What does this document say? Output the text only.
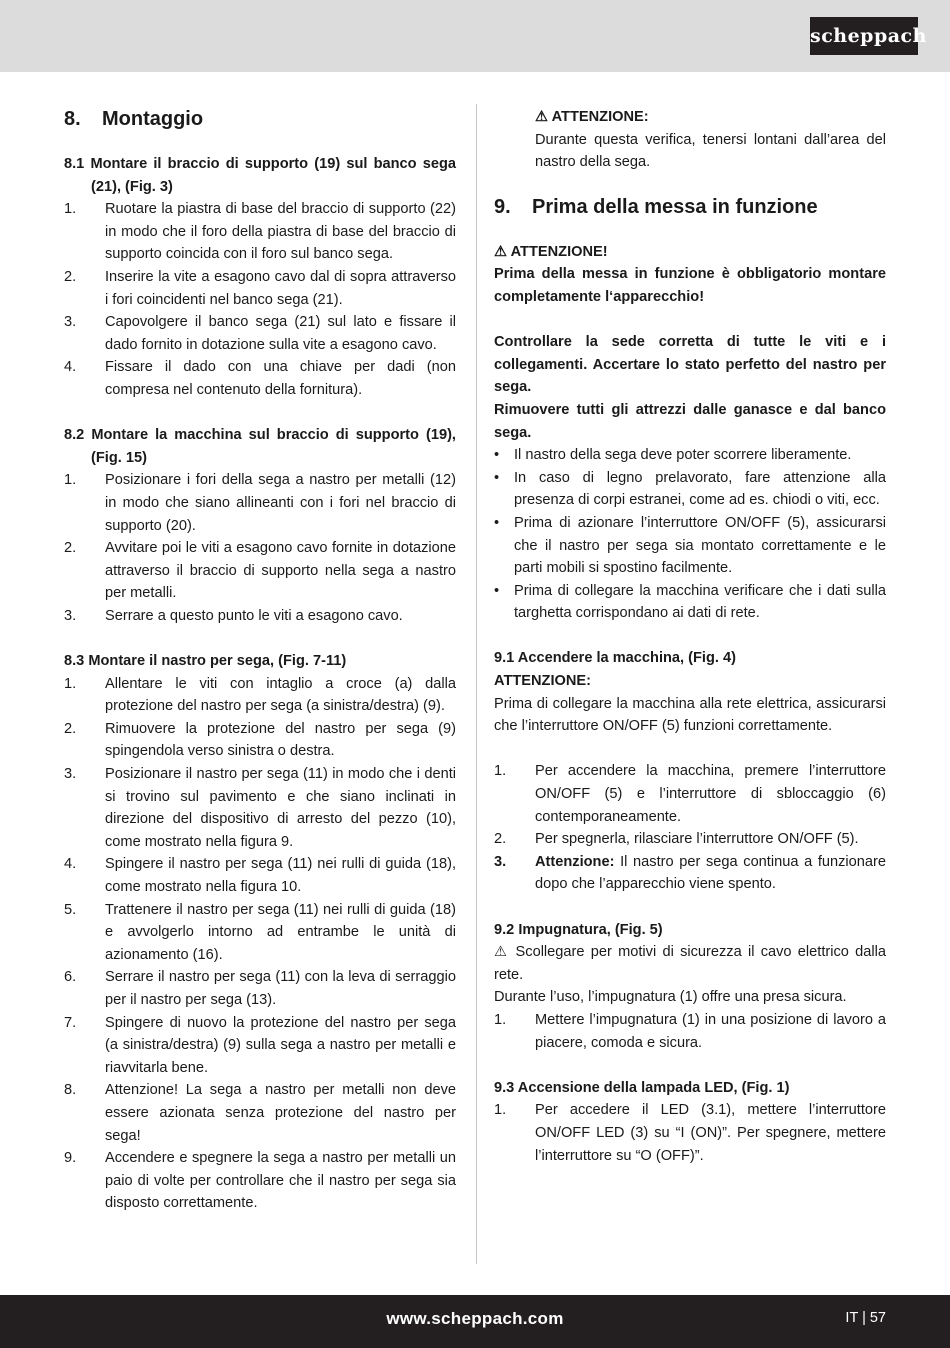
scheppach
8. Montaggio
8.1 Montare il braccio di supporto (19) sul banco sega (21), (Fig. 3)
1. Ruotare la piastra di base del braccio di supporto (22) in modo che il foro della piastra di base del braccio di supporto coincida con il foro sul banco sega.
2. Inserire la vite a esagono cavo dal di sopra attraverso i fori coincidenti nel banco sega (21).
3. Capovolgere il banco sega (21) sul lato e fissare il dado fornito in dotazione sulla vite a esagono cavo.
4. Fissare il dado con una chiave per dadi (non compresa nel contenuto della fornitura).
8.2 Montare la macchina sul braccio di supporto (19), (Fig. 15)
1. Posizionare i fori della sega a nastro per metalli (12) in modo che siano allineanti con i fori nel braccio di supporto (20).
2. Avvitare poi le viti a esagono cavo fornite in dotazione attraverso il braccio di supporto nella sega a nastro per metalli.
3. Serrare a questo punto le viti a esagono cavo.
8.3 Montare il nastro per sega, (Fig. 7-11)
1. Allentare le viti con intaglio a croce (a) dalla protezione del nastro per sega (a sinistra/destra) (9).
2. Rimuovere la protezione del nastro per sega (9) spingendola verso sinistra o destra.
3. Posizionare il nastro per sega (11) in modo che i denti si trovino sul pavimento e che siano inclinati in direzione del dispositivo di arresto del pezzo (10), come mostrato nella figura 9.
4. Spingere il nastro per sega (11) nei rulli di guida (18), come mostrato nella figura 10.
5. Trattenere il nastro per sega (11) nei rulli di guida (18) e avvolgerlo intorno ad entrambe le unità di azionamento (16).
6. Serrare il nastro per sega (11) con la leva di serraggio per il nastro per sega (13).
7. Spingere di nuovo la protezione del nastro per sega (a sinistra/destra) (9) sulla sega a nastro per metalli e riavvitarla bene.
8. Attenzione! La sega a nastro per metalli non deve essere azionata senza protezione del nastro per sega!
9. Accendere e spegnere la sega a nastro per metalli un paio di volte per controllare che il nastro per sega sia disposto correttamente.
⚠ ATTENZIONE:
Durante questa verifica, tenersi lontani dall’area del nastro della sega.
9. Prima della messa in funzione
⚠ ATTENZIONE!
Prima della messa in funzione è obbligatorio montare completamente l‘apparecchio!
Controllare la sede corretta di tutte le viti e i collegamenti. Accertare lo stato perfetto del nastro per sega.
Rimuovere tutti gli attrezzi dalle ganasce e dal banco sega.
• Il nastro della sega deve poter scorrere liberamente.
• In caso di legno prelavorato, fare attenzione alla presenza di corpi estranei, come ad es. chiodi o viti, ecc.
• Prima di azionare l’interruttore ON/OFF (5), assicurarsi che il nastro per sega sia montato correttamente e le parti mobili si spostino facilmente.
• Prima di collegare la macchina verificare che i dati sulla targhetta corrispondano ai dati di rete.
9.1 Accendere la macchina, (Fig. 4)
ATTENZIONE:
Prima di collegare la macchina alla rete elettrica, assicurarsi che l’interruttore ON/OFF (5) funzioni correttamente.
1. Per accendere la macchina, premere l’interruttore ON/OFF (5) e l’interruttore di sbloccaggio (6) contemporaneamente.
2. Per spegnerla, rilasciare l’interruttore ON/OFF (5).
3. Attenzione: Il nastro per sega continua a funzionare dopo che l’apparecchio viene spento.
9.2 Impugnatura, (Fig. 5)
⚠ Scollegare per motivi di sicurezza il cavo elettrico dalla rete.
Durante l’uso, l’impugnatura (1) offre una presa sicura.
1. Mettere l’impugnatura (1) in una posizione di lavoro a piacere, comoda e sicura.
9.3 Accensione della lampada LED, (Fig. 1)
1. Per accedere il LED (3.1), mettere l’interruttore ON/OFF LED (3) su “I (ON)”. Per spegnere, mettere l’interruttore su “O (OFF)”.
www.scheppach.com	IT | 57
